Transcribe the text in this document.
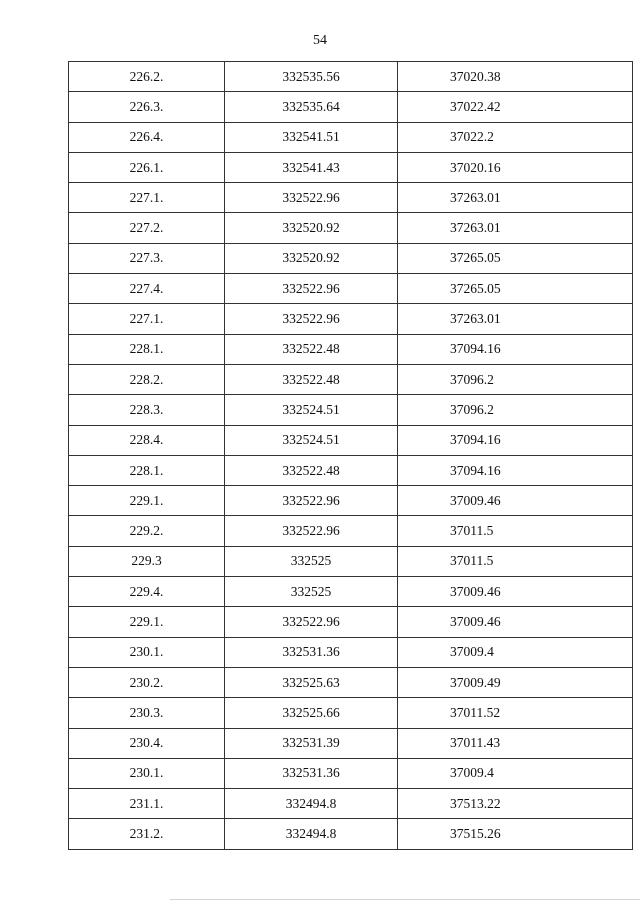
54
226.2.	332535.56	37020.38
226.3.	332535.64	37022.42
226.4.	332541.51	37022.2
226.1.	332541.43	37020.16
227.1.	332522.96	37263.01
227.2.	332520.92	37263.01
227.3.	332520.92	37265.05
227.4.	332522.96	37265.05
227.1.	332522.96	37263.01
228.1.	332522.48	37094.16
228.2.	332522.48	37096.2
228.3.	332524.51	37096.2
228.4.	332524.51	37094.16
228.1.	332522.48	37094.16
229.1.	332522.96	37009.46
229.2.	332522.96	37011.5
229.3	332525	37011.5
229.4.	332525	37009.46
229.1.	332522.96	37009.46
230.1.	332531.36	37009.4
230.2.	332525.63	37009.49
230.3.	332525.66	37011.52
230.4.	332531.39	37011.43
230.1.	332531.36	37009.4
231.1.	332494.8	37513.22
231.2.	332494.8	37515.26
